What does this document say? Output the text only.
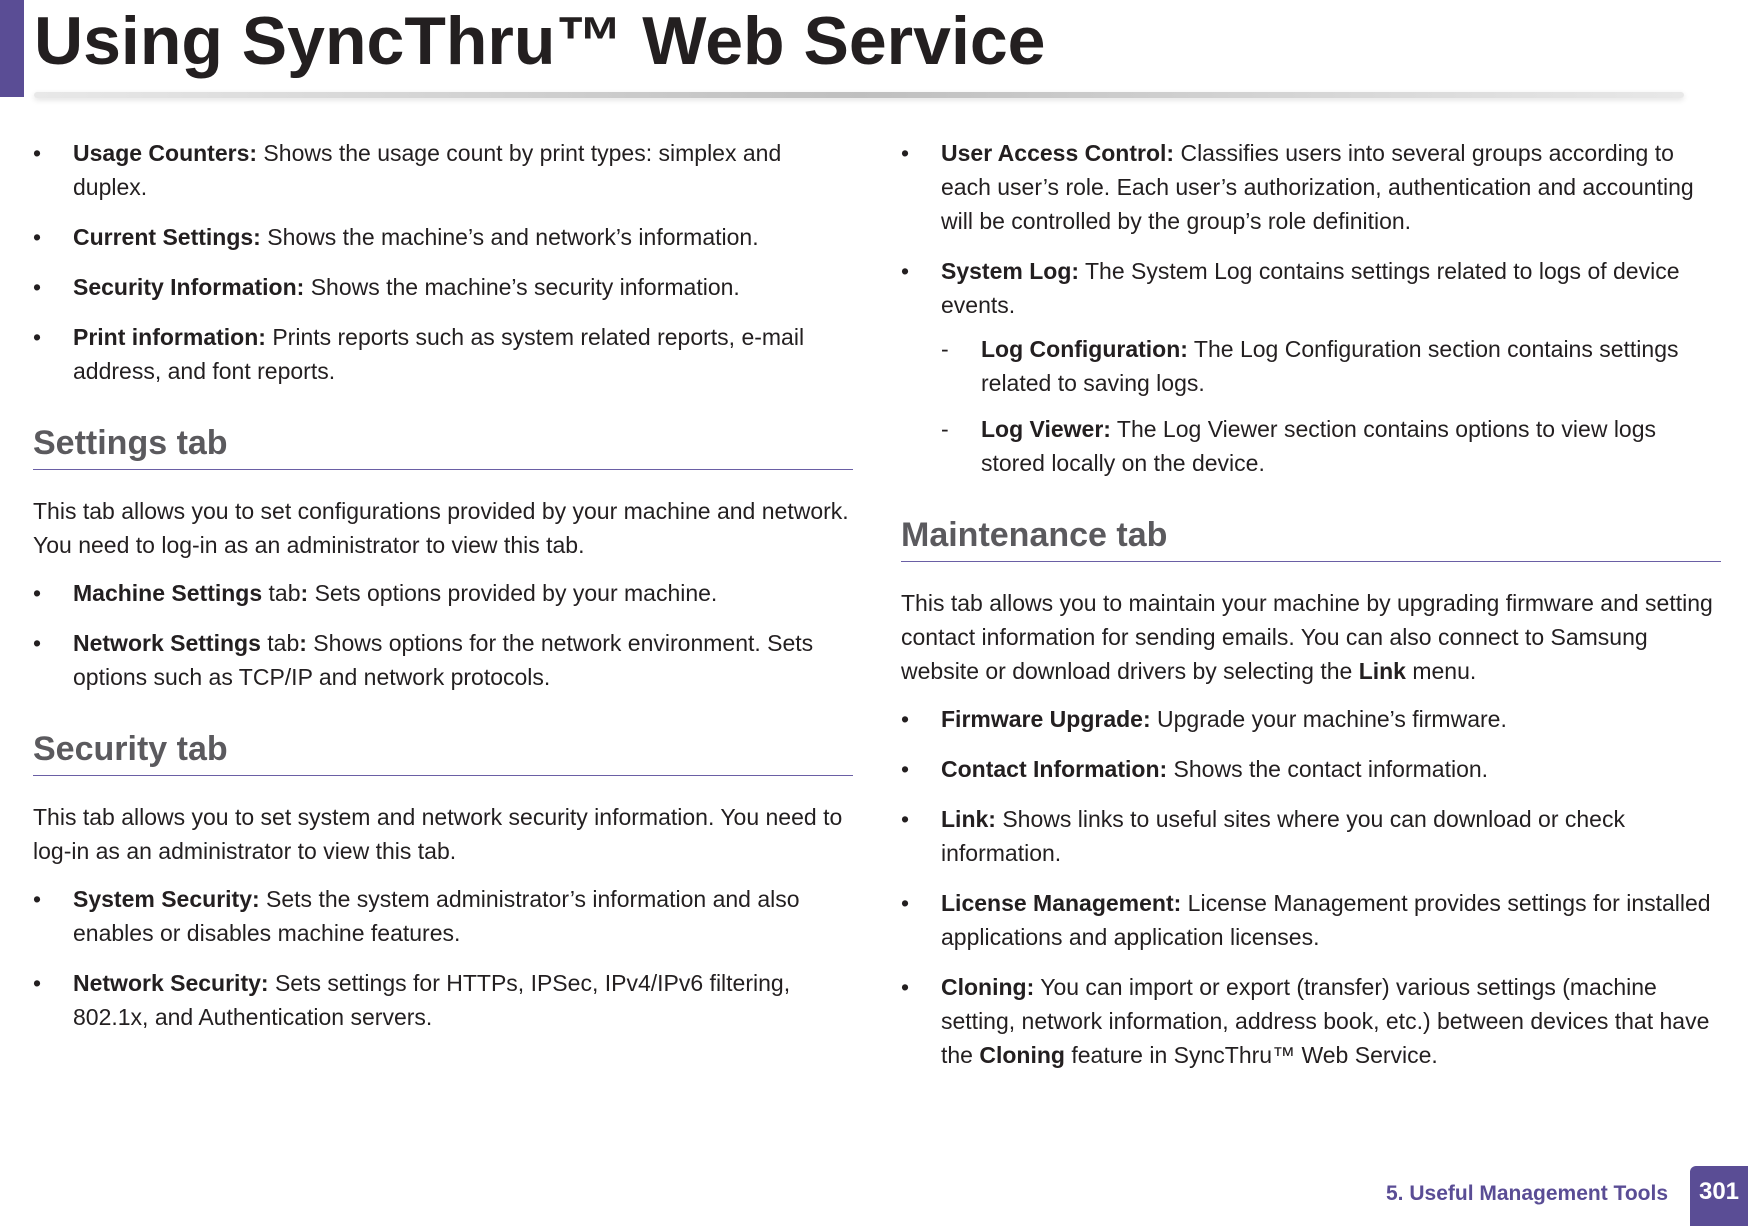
Using SyncThru™ Web Service
• Usage Counters: Shows the usage count by print types: simplex and duplex.
• Current Settings: Shows the machine’s and network’s information.
• Security Information: Shows the machine’s security information.
• Print information: Prints reports such as system related reports, e-mail address, and font reports.
Settings tab

This tab allows you to set configurations provided by your machine and network. You need to log-in as an administrator to view this tab.

• Machine Settings tab: Sets options provided by your machine.
• Network Settings tab: Shows options for the network environment. Sets options such as TCP/IP and network protocols.
Security tab

This tab allows you to set system and network security information. You need to log-in as an administrator to view this tab.

• System Security: Sets the system administrator’s information and also enables or disables machine features.
• Network Security: Sets settings for HTTPs, IPSec, IPv4/IPv6 filtering, 802.1x, and Authentication servers.
• User Access Control: Classifies users into several groups according to each user’s role. Each user’s authorization, authentication and accounting will be controlled by the group’s role definition.
• System Log: The System Log contains settings related to logs of device events.
- Log Configuration: The Log Configuration section contains settings related to saving logs.
- Log Viewer: The Log Viewer section contains options to view logs stored locally on the device.
Maintenance tab

This tab allows you to maintain your machine by upgrading firmware and setting contact information for sending emails. You can also connect to Samsung website or download drivers by selecting the Link menu.

• Firmware Upgrade: Upgrade your machine’s firmware.
• Contact Information: Shows the contact information.
• Link: Shows links to useful sites where you can download or check information.
• License Management: License Management provides settings for installed applications and application licenses.
• Cloning: You can import or export (transfer) various settings (machine setting, network information, address book, etc.) between devices that have the Cloning feature in SyncThru™ Web Service.
5. Useful Management Tools	301
